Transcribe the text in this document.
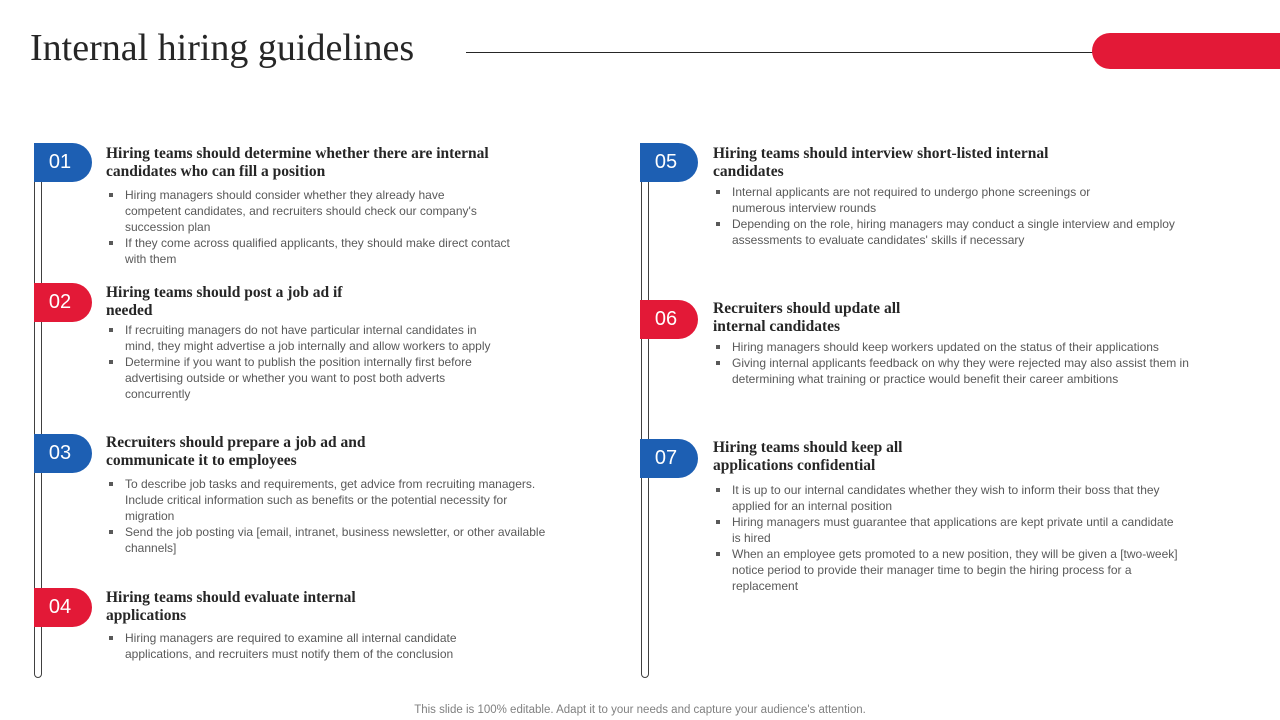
Internal hiring guidelines
01	Hiring teams should determine whether there are internal candidates who can fill a position
Hiring managers should consider whether they already have competent candidates, and recruiters should check our company's succession plan
If they come across qualified applicants, they should make direct contact with them
02	Hiring teams should post a job ad if needed
If recruiting managers do not have particular internal candidates in mind, they might advertise a job internally and allow workers to apply
Determine if you want to publish the position internally first before advertising outside or whether you want to post both adverts concurrently
03	Recruiters should prepare a job ad and communicate it to employees
To describe job tasks and requirements, get advice from recruiting managers. Include critical information such as benefits or the potential necessity for migration
Send the job posting via [email, intranet, business newsletter, or other available channels]
04	Hiring teams should evaluate internal applications
Hiring managers are required to examine all internal candidate applications, and recruiters must notify them of the conclusion
05	Hiring teams should interview short-listed internal candidates
Internal applicants are not required to undergo phone screenings or numerous interview rounds
Depending on the role, hiring managers may conduct a single interview and employ assessments to evaluate candidates' skills if necessary
06	Recruiters should update all internal candidates
Hiring managers should keep workers updated on the status of their applications
Giving internal applicants feedback on why they were rejected may also assist them in determining what training or practice would benefit their career ambitions
07	Hiring teams should keep all applications confidential
It is up to our internal candidates whether they wish to inform their boss that they applied for an internal position
Hiring managers must guarantee that applications are kept private until a candidate is hired
When an employee gets promoted to a new position, they will be given a [two-week] notice period to provide their manager time to begin the hiring process for a replacement
This slide is 100% editable. Adapt it to your needs and capture your audience's attention.
